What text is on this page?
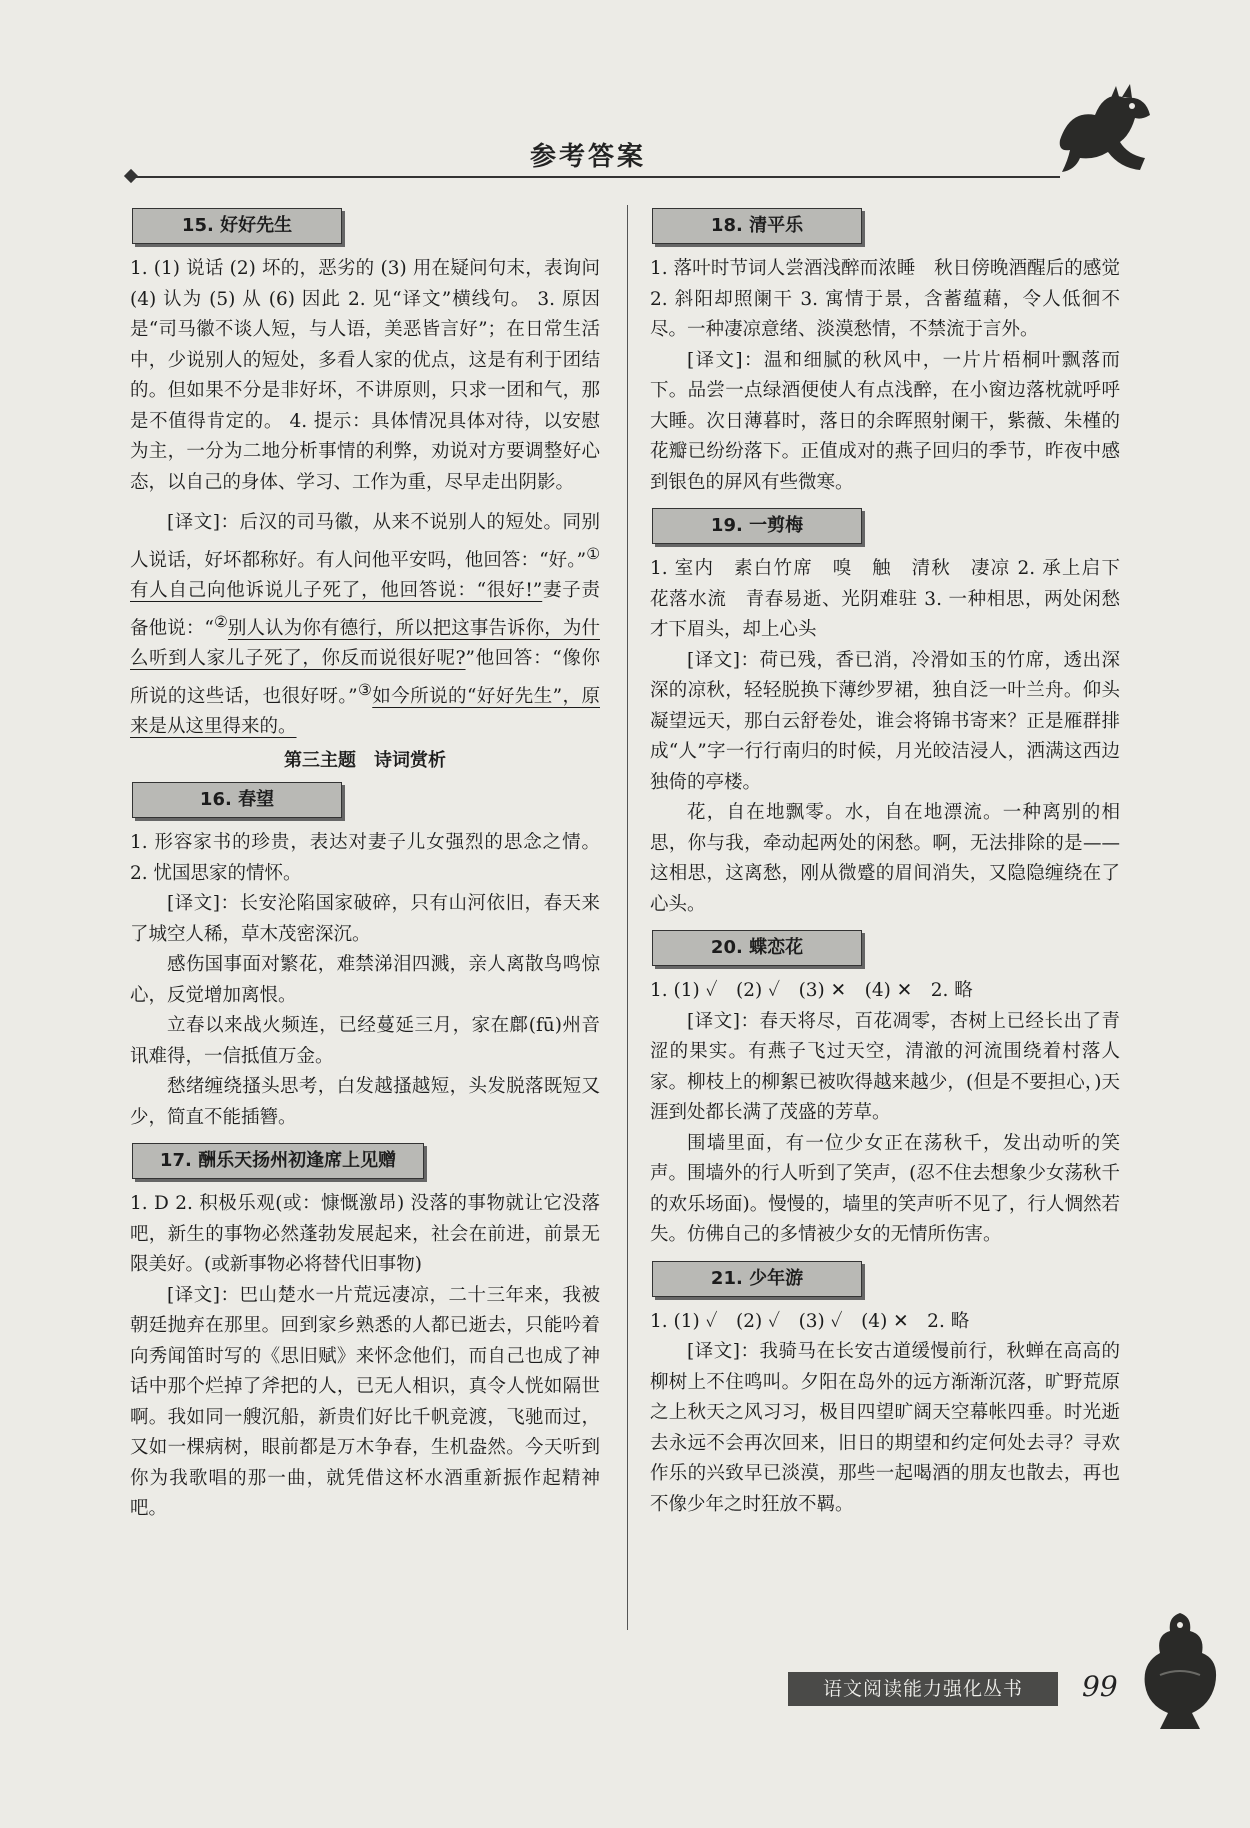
参考答案
15. 好好先生

1. (1) 说话 (2) 坏的，恶劣的 (3) 用在疑问句末，表询问 (4) 认为 (5) 从 (6) 因此 2. 见“译文”横线句。 3. 原因是“司马徽不谈人短，与人语，美恶皆言好”；在日常生活中，少说别人的短处，多看人家的优点，这是有利于团结的。但如果不分是非好坏，不讲原则，只求一团和气，那是不值得肯定的。 4. 提示：具体情况具体对待，以安慰为主，一分为二地分析事情的利弊，劝说对方要调整好心态，以自己的身体、学习、工作为重，尽早走出阴影。

[译文]：后汉的司马徽，从来不说别人的短处。同别人说话，好坏都称好。有人问他平安吗，他回答：“好。”①有人自己向他诉说儿子死了，他回答说：“很好!”妻子责备他说：“②别人认为你有德行，所以把这事告诉你，为什么听到人家儿子死了，你反而说很好呢?”他回答：“像你所说的这些话，也很好呀。”③如今所说的“好好先生”，原来是从这里得来的。

第三主题　诗词赏析
16. 春望

1. 形容家书的珍贵，表达对妻子儿女强烈的思念之情。 2. 忧国思家的情怀。

[译文]：长安沦陷国家破碎，只有山河依旧，春天来了城空人稀，草木茂密深沉。

感伤国事面对繁花，难禁涕泪四溅，亲人离散鸟鸣惊心，反觉增加离恨。

立春以来战火频连，已经蔓延三月，家在鄜(fū)州音讯难得，一信抵值万金。

愁绪缠绕搔头思考，白发越搔越短，头发脱落既短又少，简直不能插簪。

17. 酬乐天扬州初逢席上见赠

1. D 2. 积极乐观(或：慷慨激昂) 没落的事物就让它没落吧，新生的事物必然蓬勃发展起来，社会在前进，前景无限美好。(或新事物必将替代旧事物)

[译文]：巴山楚水一片荒远凄凉，二十三年来，我被朝廷抛弃在那里。回到家乡熟悉的人都已逝去，只能吟着向秀闻笛时写的《思旧赋》来怀念他们，而自己也成了神话中那个烂掉了斧把的人，已无人相识，真令人恍如隔世啊。我如同一艘沉船，新贵们好比千帆竞渡，飞驰而过，又如一棵病树，眼前都是万木争春，生机盎然。今天听到你为我歌唱的那一曲，就凭借这杯水酒重新振作起精神吧。

18. 清平乐

1. 落叶时节词人尝酒浅醉而浓睡　秋日傍晚酒醒后的感觉 2. 斜阳却照阑干 3. 寓情于景，含蓄蕴藉，令人低徊不尽。一种凄凉意绪、淡漠愁情，不禁流于言外。

[译文]：温和细腻的秋风中，一片片梧桐叶飘落而下。品尝一点绿酒便使人有点浅醉，在小窗边落枕就呼呼大睡。次日薄暮时，落日的余晖照射阑干，紫薇、朱槿的花瓣已纷纷落下。正值成对的燕子回归的季节，昨夜中感到银色的屏风有些微寒。

19. 一剪梅

1. 室内　素白竹席　嗅　触　清秋　凄凉 2. 承上启下　花落水流　青春易逝、光阴难驻 3. 一种相思，两处闲愁　才下眉头，却上心头

[译文]：荷已残，香已消，冷滑如玉的竹席，透出深深的凉秋，轻轻脱换下薄纱罗裙，独自泛一叶兰舟。仰头凝望远天，那白云舒卷处，谁会将锦书寄来？正是雁群排成“人”字一行行南归的时候，月光皎洁浸人，洒满这西边独倚的亭楼。

花，自在地飘零。水，自在地漂流。一种离别的相思，你与我，牵动起两处的闲愁。啊，无法排除的是——这相思，这离愁，刚从微蹙的眉间消失，又隐隐缠绕在了心头。

20. 蝶恋花

1. (1) ✓　(2) ✓　(3) ✕　(4) ✕　2. 略

[译文]：春天将尽，百花凋零，杏树上已经长出了青涩的果实。有燕子飞过天空，清澈的河流围绕着村落人家。柳枝上的柳絮已被吹得越来越少，(但是不要担心，)天涯到处都长满了茂盛的芳草。

围墙里面，有一位少女正在荡秋千，发出动听的笑声。围墙外的行人听到了笑声，(忍不住去想象少女荡秋千的欢乐场面)。慢慢的，墙里的笑声听不见了，行人惆然若失。仿佛自己的多情被少女的无情所伤害。

21. 少年游

1. (1) ✓　(2) ✓　(3) ✓　(4) ✕　2. 略

[译文]：我骑马在长安古道缓慢前行，秋蝉在高高的柳树上不住鸣叫。夕阳在岛外的远方渐渐沉落，旷野荒原之上秋天之风习习，极目四望旷阔天空幕帐四垂。时光逝去永远不会再次回来，旧日的期望和约定何处去寻？寻欢作乐的兴致早已淡漠，那些一起喝酒的朋友也散去，再也不像少年之时狂放不羁。

语文阅读能力强化丛书	99
